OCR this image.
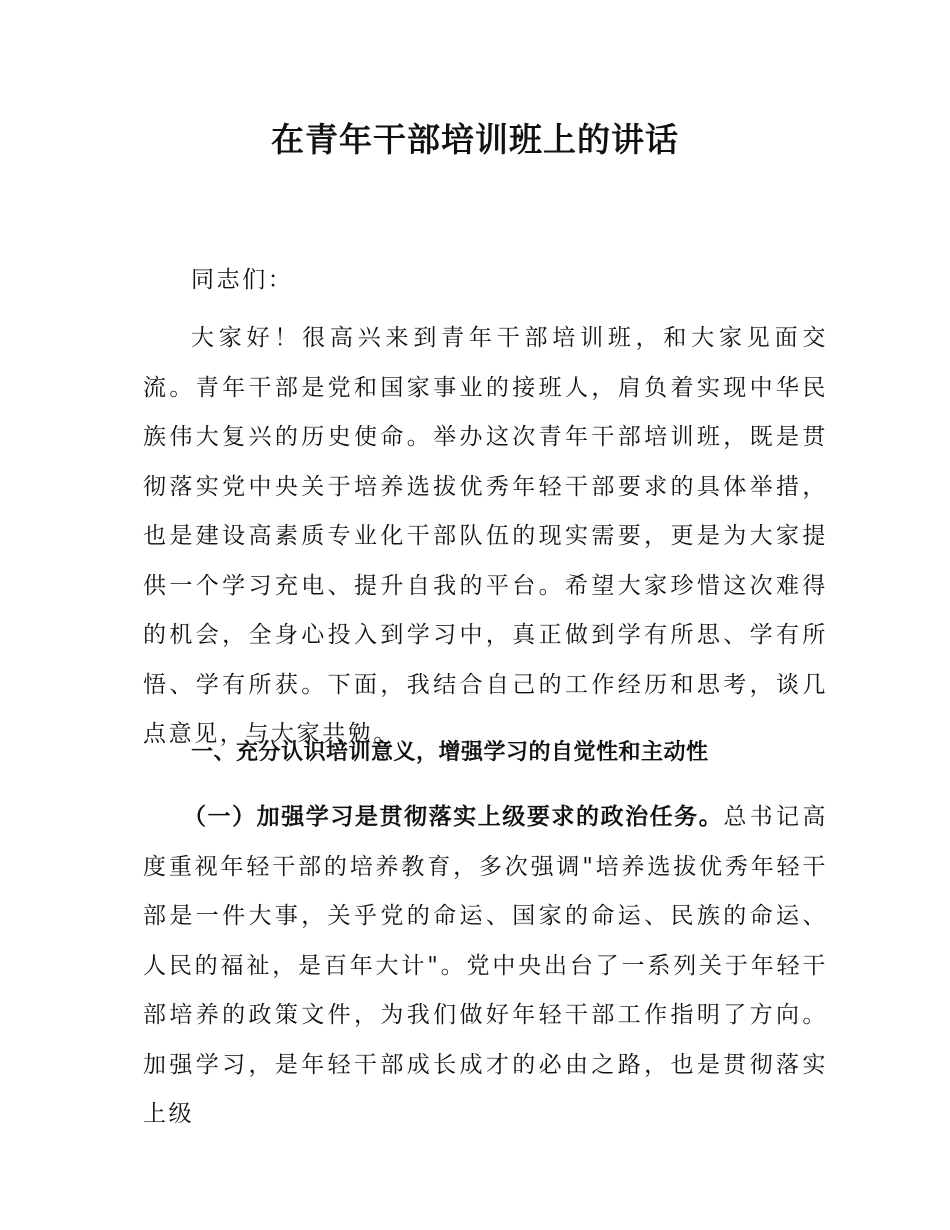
在青年干部培训班上的讲话

同志们：

大家好！很高兴来到青年干部培训班，和大家见面交流。青年干部是党和国家事业的接班人，肩负着实现中华民族伟大复兴的历史使命。举办这次青年干部培训班，既是贯彻落实党中央关于培养选拔优秀年轻干部要求的具体举措，也是建设高素质专业化干部队伍的现实需要，更是为大家提供一个学习充电、提升自我的平台。希望大家珍惜这次难得的机会，全身心投入到学习中，真正做到学有所思、学有所悟、学有所获。下面，我结合自己的工作经历和思考，谈几点意见，与大家共勉。

一、充分认识培训意义，增强学习的自觉性和主动性

（一）加强学习是贯彻落实上级要求的政治任务。总书记高度重视年轻干部的培养教育，多次强调"培养选拔优秀年轻干部是一件大事，关乎党的命运、国家的命运、民族的命运、人民的福祉，是百年大计"。党中央出台了一系列关于年轻干部培养的政策文件，为我们做好年轻干部工作指明了方向。加强学习，是年轻干部成长成才的必由之路，也是贯彻落实上级
